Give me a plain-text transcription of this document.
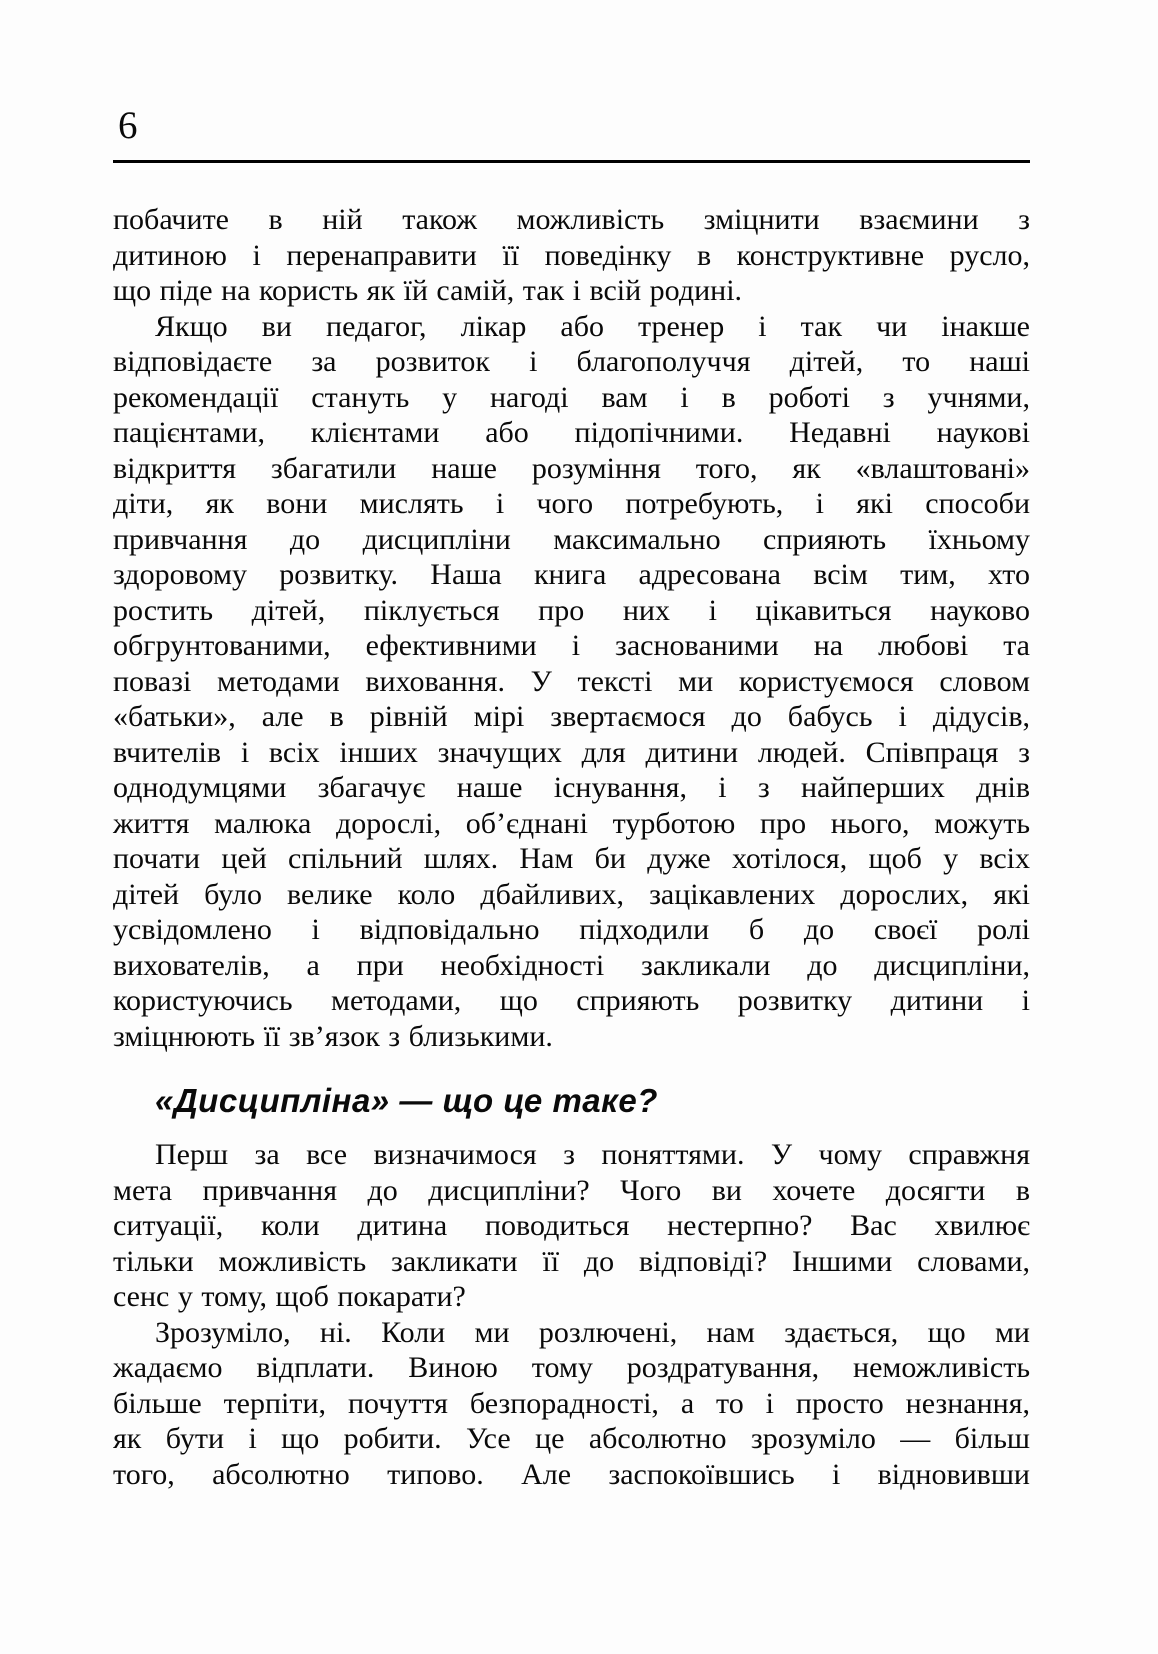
6
побачите в ній також можливість зміцнити взаємини з
дитиною і перенаправити її поведінку в конструктивне русло,
що піде на користь як їй самій, так і всій родині.
Якщо ви педагог, лікар або тренер і так чи інакше
відповідаєте за розвиток і благополуччя дітей, то наші
рекомендації стануть у нагоді вам і в роботі з учнями,
пацієнтами, клієнтами або підопічними. Недавні наукові
відкриття збагатили наше розуміння того, як «влаштовані»
діти, як вони мислять і чого потребують, і які способи
привчання до дисципліни максимально сприяють їхньому
здоровому розвитку. Наша книга адресована всім тим, хто
ростить дітей, піклується про них і цікавиться науково
обгрунтованими, ефективними і заснованими на любові та
повазі методами виховання. У тексті ми користуємося словом
«батьки», але в рівній мірі звертаємося до бабусь і дідусів,
вчителів і всіх інших значущих для дитини людей. Співпраця з
однодумцями збагачує наше існування, і з найперших днів
життя малюка дорослі, об’єднані турботою про нього, можуть
почати цей спільний шлях. Нам би дуже хотілося, щоб у всіх
дітей було велике коло дбайливих, зацікавлених дорослих, які
усвідомлено і відповідально підходили б до своєї ролі
вихователів, а при необхідності закликали до дисципліни,
користуючись методами, що сприяють розвитку дитини і
зміцнюють її зв’язок з близькими.
«Дисципліна» — що це таке?
Перш за все визначимося з поняттями. У чому справжня
мета привчання до дисципліни? Чого ви хочете досягти в
ситуації, коли дитина поводиться нестерпно? Вас хвилює
тільки можливість закликати її до відповіді? Іншими словами,
сенс у тому, щоб покарати?
Зрозуміло, ні. Коли ми розлючені, нам здається, що ми
жадаємо відплати. Виною тому роздратування, неможливість
більше терпіти, почуття безпорадності, а то і просто незнання,
як бути і що робити. Усе це абсолютно зрозуміло — більш
того, абсолютно типово. Але заспокоївшись і відновивши
